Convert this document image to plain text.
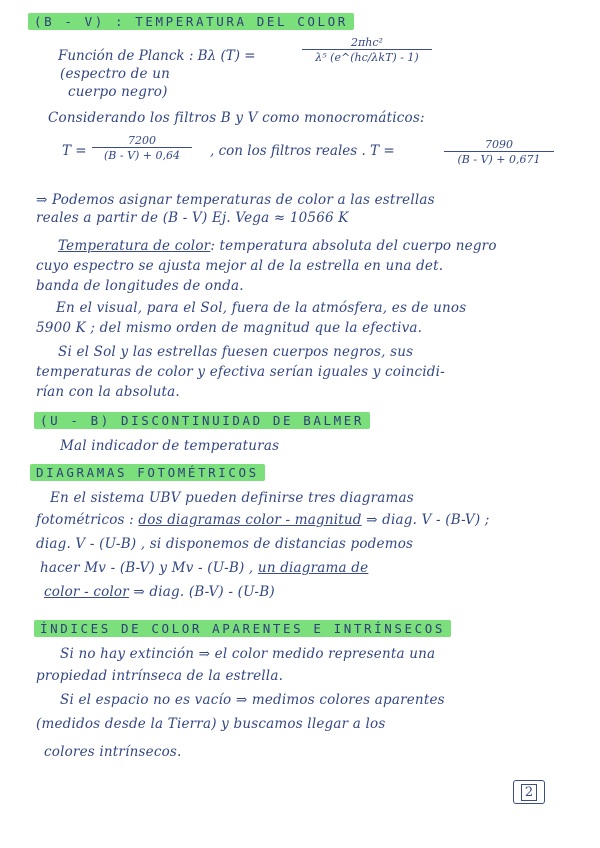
(B - V) : TEMPERATURA DEL COLOR
Función de Planck : Bλ (T) =
2πhc²
λ⁵ (e^(hc/λkT) - 1)
(espectro de un
cuerpo negro)
Considerando los filtros B y V como monocromáticos:
$T = \frac{7200}{(B - V) + 0,64}$ , con los filtros reales . T =	$\frac{7090}{(B - V) + 0,671}$
⇒ Podemos asignar temperaturas de color a las estrellas
reales a partir de (B - V) Ej. Vega ≈ 10566 K
Temperatura de color: temperatura absoluta del cuerpo negro
cuyo espectro se ajusta mejor al de la estrella en una det.
banda de longitudes de onda.
En el visual, para el Sol, fuera de la atmósfera, es de unos
5900 K ; del mismo orden de magnitud que la efectiva.
Si el Sol y las estrellas fuesen cuerpos negros, sus
temperaturas de color y efectiva serían iguales y coincidi-
rían con la absoluta.
(U - B) DISCONTINUIDAD DE BALMER
Mal indicador de temperaturas
DIAGRAMAS FOTOMÉTRICOS
En el sistema UBV pueden definirse tres diagramas
fotométricos : dos diagramas color - magnitud ⇒ diag. V - (B-V) ;
diag. V - (U-B) , si disponemos de distancias podemos
hacer Mv - (B-V) y Mv - (U-B) , un diagrama de
color - color ⇒ diag. (B-V) - (U-B)
ÍNDICES DE COLOR APARENTES E INTRÍNSECOS
Si no hay extinción ⇒ el color medido representa una
propiedad intrínseca de la estrella.
Si el espacio no es vacío ⇒ medimos colores aparentes
(medidos desde la Tierra) y buscamos llegar a los
colores intrínsecos.
2
